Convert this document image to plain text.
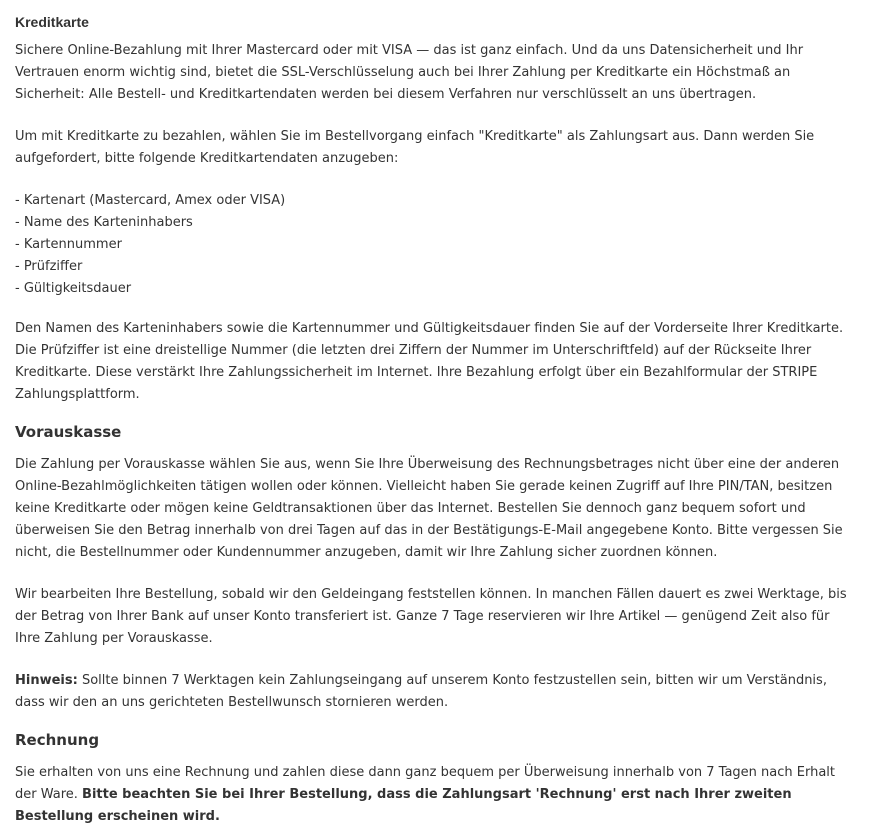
Kreditkarte

Sichere Online-Bezahlung mit Ihrer Mastercard oder mit VISA — das ist ganz einfach. Und da uns Datensicherheit und Ihr Vertrauen enorm wichtig sind, bietet die SSL-Verschlüsselung auch bei Ihrer Zahlung per Kreditkarte ein Höchstmaß an Sicherheit: Alle Bestell- und Kreditkartendaten werden bei diesem Verfahren nur verschlüsselt an uns übertragen.

Um mit Kreditkarte zu bezahlen, wählen Sie im Bestellvorgang einfach "Kreditkarte" als Zahlungsart aus. Dann werden Sie aufgefordert, bitte folgende Kreditkartendaten anzugeben:

- Kartenart (Mastercard, Amex oder VISA)
- Name des Karteninhabers
- Kartennummer
- Prüfziffer
- Gültigkeitsdauer

Den Namen des Karteninhabers sowie die Kartennummer und Gültigkeitsdauer finden Sie auf der Vorderseite Ihrer Kreditkarte. Die Prüfziffer ist eine dreistellige Nummer (die letzten drei Ziffern der Nummer im Unterschriftfeld) auf der Rückseite Ihrer Kreditkarte. Diese verstärkt Ihre Zahlungssicherheit im Internet. Ihre Bezahlung erfolgt über ein Bezahlformular der STRIPE Zahlungsplattform.

Vorauskasse

Die Zahlung per Vorauskasse wählen Sie aus, wenn Sie Ihre Überweisung des Rechnungsbetrages nicht über eine der anderen Online-Bezahlmöglichkeiten tätigen wollen oder können. Vielleicht haben Sie gerade keinen Zugriff auf Ihre PIN/TAN, besitzen keine Kreditkarte oder mögen keine Geldtransaktionen über das Internet. Bestellen Sie dennoch ganz bequem sofort und überweisen Sie den Betrag innerhalb von drei Tagen auf das in der Bestätigungs-E-Mail angegebene Konto. Bitte vergessen Sie nicht, die Bestellnummer oder Kundennummer anzugeben, damit wir Ihre Zahlung sicher zuordnen können.

Wir bearbeiten Ihre Bestellung, sobald wir den Geldeingang feststellen können. In manchen Fällen dauert es zwei Werktage, bis der Betrag von Ihrer Bank auf unser Konto transferiert ist. Ganze 7 Tage reservieren wir Ihre Artikel — genügend Zeit also für Ihre Zahlung per Vorauskasse.

Hinweis: Sollte binnen 7 Werktagen kein Zahlungseingang auf unserem Konto festzustellen sein, bitten wir um Verständnis, dass wir den an uns gerichteten Bestellwunsch stornieren werden.

Rechnung

Sie erhalten von uns eine Rechnung und zahlen diese dann ganz bequem per Überweisung innerhalb von 7 Tagen nach Erhalt der Ware. Bitte beachten Sie bei Ihrer Bestellung, dass die Zahlungsart 'Rechnung' erst nach Ihrer zweiten Bestellung erscheinen wird.
